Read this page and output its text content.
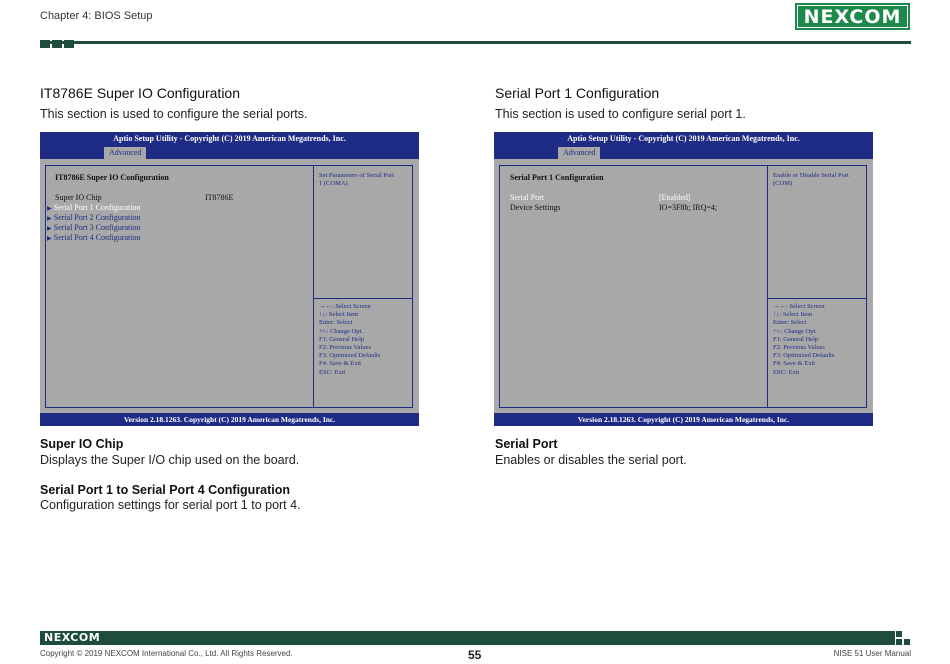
Chapter 4: BIOS Setup	NEXCOM
IT8786E Super IO Configuration
This section is used to configure the serial ports.
Aptio Setup Utility - Copyright (C) 2019 American Megatrends, Inc.
Advanced
IT8786E Super IO Configuration
Super IO Chip	IT8786E
▶ Serial Port 1 Configuration
▶ Serial Port 2 Configuration
▶ Serial Port 3 Configuration
▶ Serial Port 4 Configuration
Set Parameters of Serial Port
1 (COMA)
→←: Select Screen
↑↓: Select Item
Enter: Select
+/-: Change Opt.
F1: General Help
F2: Previous Values
F3: Optimized Defaults
F4: Save & Exit
ESC: Exit
Version 2.18.1263. Copyright (C) 2019 American Megatrends, Inc.
Super IO Chip
Displays the Super I/O chip used on the board.
Serial Port 1 to Serial Port 4 Configuration
Configuration settings for serial port 1 to port 4.
Serial Port 1 Configuration
This section is used to configure serial port 1.
Aptio Setup Utility - Copyright (C) 2019 American Megatrends, Inc.
Advanced
Serial Port 1 Configuration
Serial Port	[Enabled]
Device Settings	IO=3F8h; IRQ=4;
Enable or Disable Serial Port
(COM)
→←: Select Screen
↑↓: Select Item
Enter: Select
+/-: Change Opt.
F1: General Help
F2: Previous Values
F3: Optimized Defaults
F4: Save & Exit
ESC: Exit
Version 2.18.1263. Copyright (C) 2019 American Megatrends, Inc.
Serial Port
Enables or disables the serial port.
NEXCOM
Copyright © 2019 NEXCOM International Co., Ltd. All Rights Reserved.	55	NISE 51 User Manual
